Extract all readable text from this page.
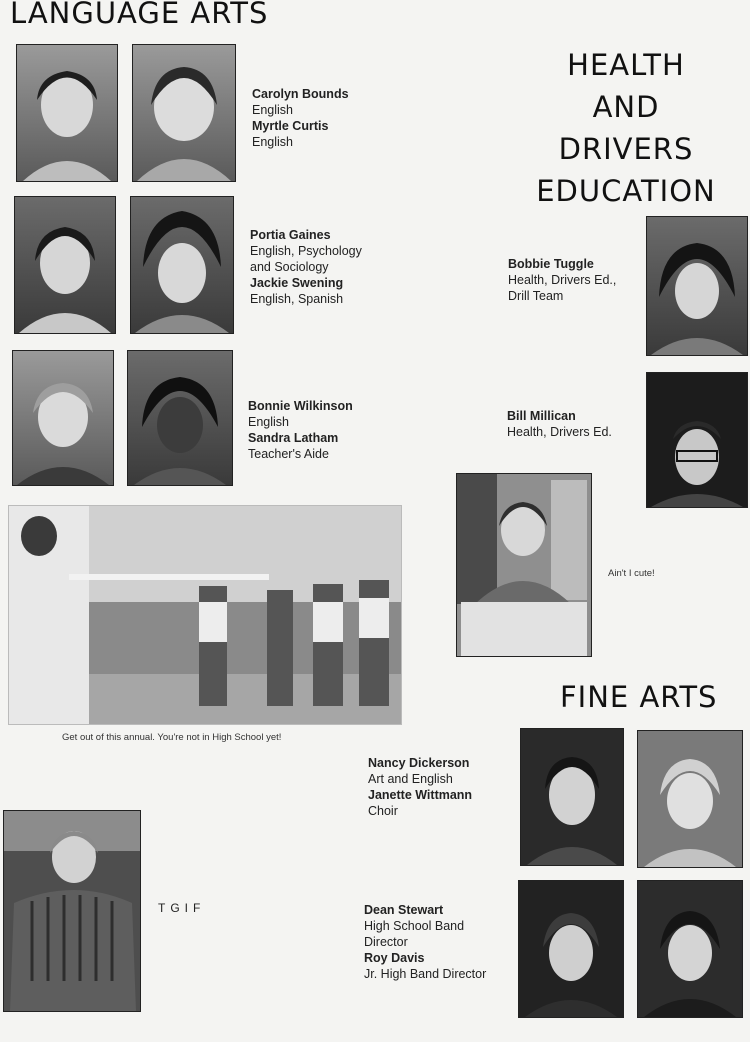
LANGUAGE ARTS
HEALTH
AND
DRIVERS
EDUCATION
FINE ARTS
Carolyn Bounds
English
Myrtle Curtis
English
Portia Gaines
English, Psychology
and Sociology
Jackie Swening
English, Spanish
Bonnie Wilkinson
English
Sandra Latham
Teacher's Aide
Bobbie Tuggle
Health, Drivers Ed.,
Drill Team
Bill Millican
Health, Drivers Ed.
Ain't I cute!
Get out of this annual. You're not in High School yet!
Nancy Dickerson
Art and English
Janette Wittmann
Choir
Dean Stewart
High School Band
Director
Roy Davis
Jr. High Band Director
TGIF
